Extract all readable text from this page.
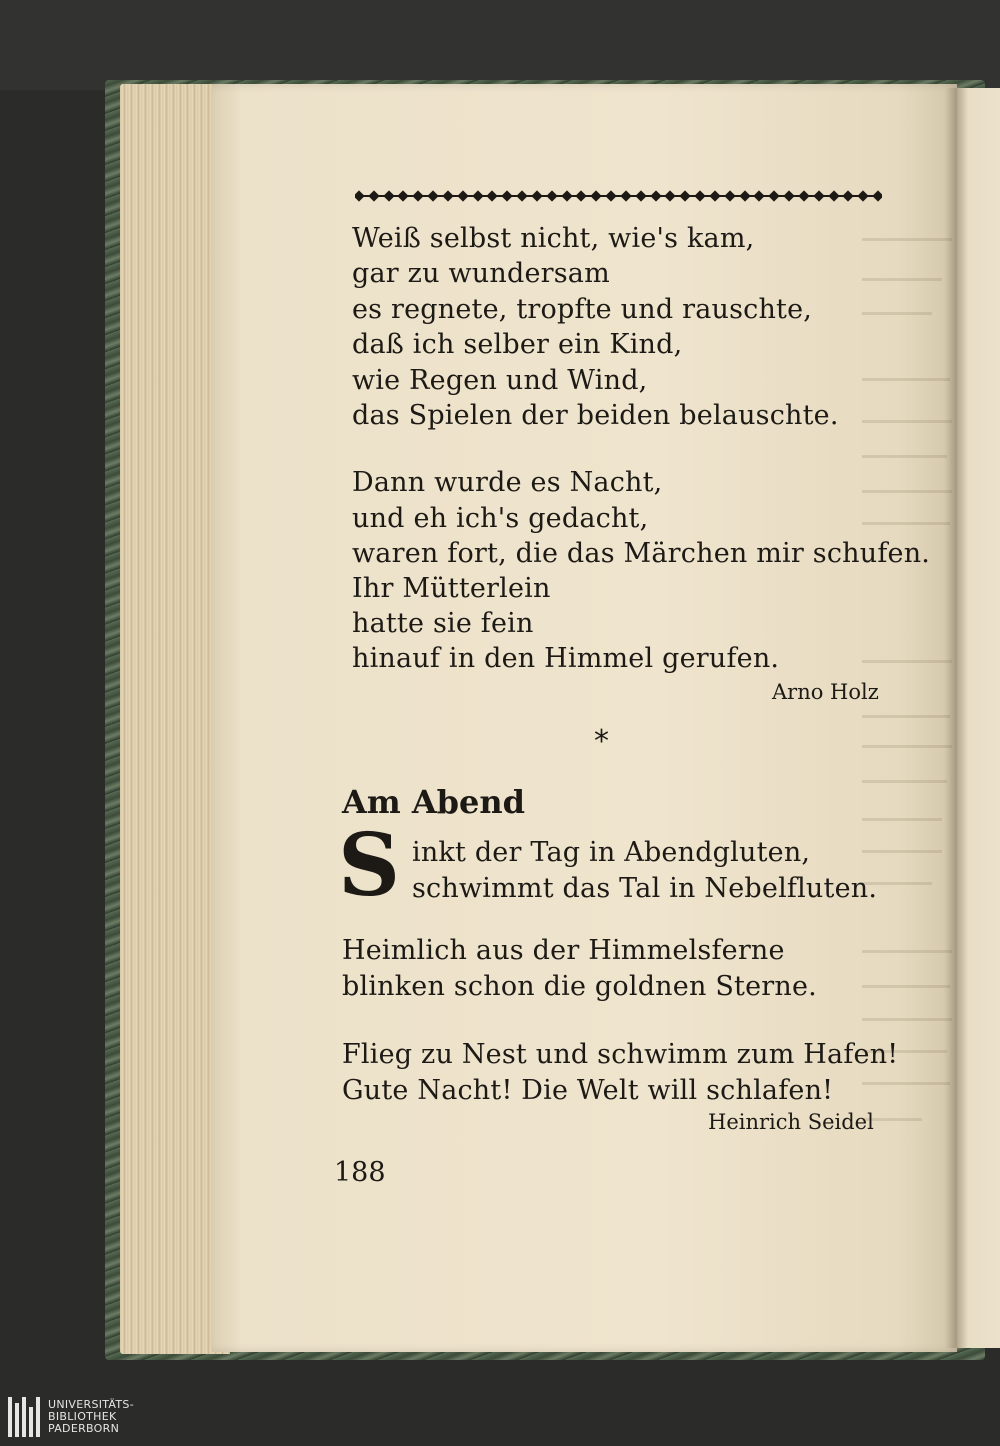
Weiß selbst nicht, wie's kam,
gar zu wundersam
es regnete, tropfte und rauschte,
daß ich selber ein Kind,
wie Regen und Wind,
das Spielen der beiden belauschte.
Dann wurde es Nacht,
und eh ich's gedacht,
waren fort, die das Märchen mir schufen.
Ihr Mütterlein
hatte sie fein
hinauf in den Himmel gerufen.
Arno Holz
*
Am Abend
S inkt der Tag in Abendgluten,
schwimmt das Tal in Nebelfluten.
Heimlich aus der Himmelsferne
blinken schon die goldnen Sterne.
Flieg zu Nest und schwimm zum Hafen!
Gute Nacht! Die Welt will schlafen!
Heinrich Seidel
188
UNIVERSITÄTS-
BIBLIOTHEK
PADERBORN
